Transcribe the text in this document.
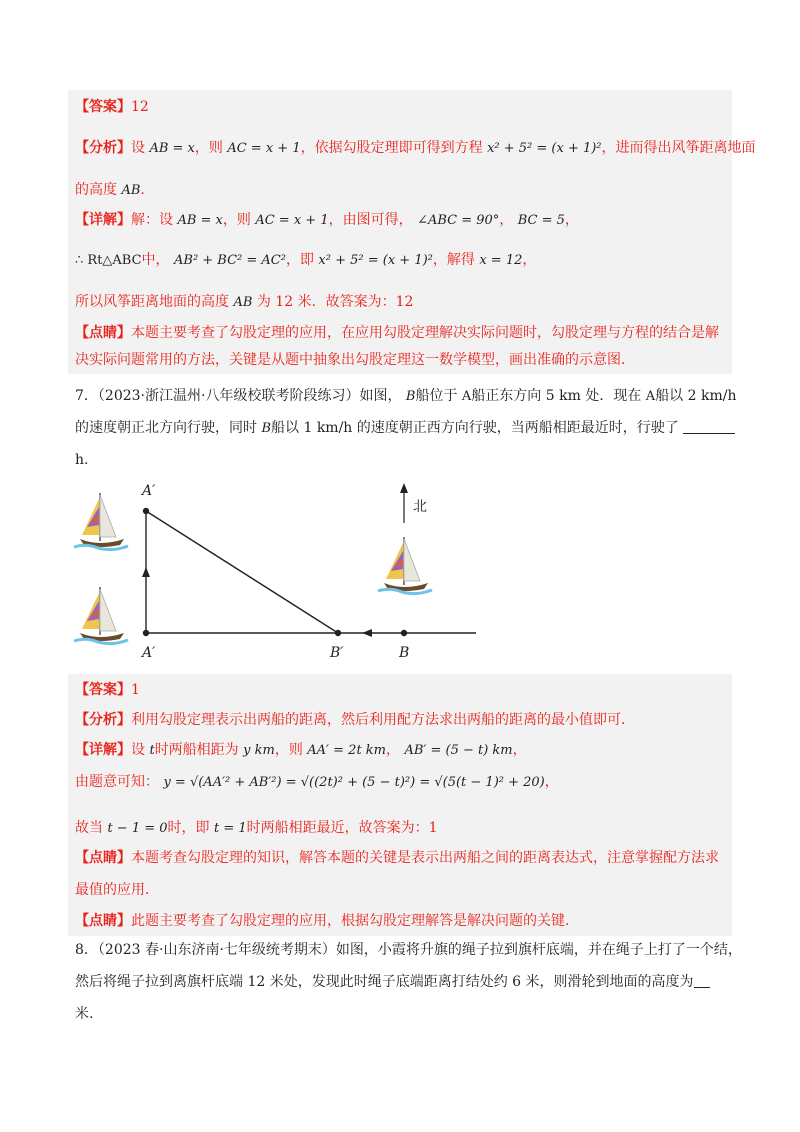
【答案】12
【分析】设 AB = x，则 AC = x + 1，依据勾股定理即可得到方程 x² + 5² = (x + 1)²，进而得出风筝距离地面
的高度 AB.
【详解】解：设 AB = x，则 AC = x + 1，由图可得， ∠ABC = 90°， BC = 5，
∴ Rt△ABC中， AB² + BC² = AC²，即 x² + 5² = (x + 1)²，解得 x = 12，
所以风筝距离地面的高度 AB 为 12 米．故答案为：12
【点睛】本题主要考查了勾股定理的应用，在应用勾股定理解决实际问题时，勾股定理与方程的结合是解
决实际问题常用的方法，关键是从题中抽象出勾股定理这一数学模型，画出准确的示意图．
7．（2023·浙江温州·八年级校联考阶段练习）如图， B船位于 A船正东方向 5 km 处．现在 A船以 2 km/h
的速度朝正北方向行驶，同时 B船以 1 km/h 的速度朝正西方向行驶，当两船相距最近时，行驶了
h.
A′
A′	B′	B
北
【答案】1
【分析】利用勾股定理表示出两船的距离，然后利用配方法求出两船的距离的最小值即可．
【详解】设 t时两船相距为 y km，则 AA′ = 2t km， AB′ = (5 − t) km，
由题意可知： y = √(AA′² + AB′²) = √((2t)² + (5 − t)²) = √(5(t − 1)² + 20)，
故当 t − 1 = 0时，即 t = 1时两船相距最近，故答案为：1
【点睛】本题考查勾股定理的知识，解答本题的关键是表示出两船之间的距离表达式，注意掌握配方法求
最值的应用．
【点睛】此题主要考查了勾股定理的应用，根据勾股定理解答是解决问题的关键．
8．（2023 春·山东济南·七年级统考期末）如图，小霞将升旗的绳子拉到旗杆底端，并在绳子上打了一个结，
然后将绳子拉到离旗杆底端 12 米处，发现此时绳子底端距离打结处约 6 米，则滑轮到地面的高度为
米.
